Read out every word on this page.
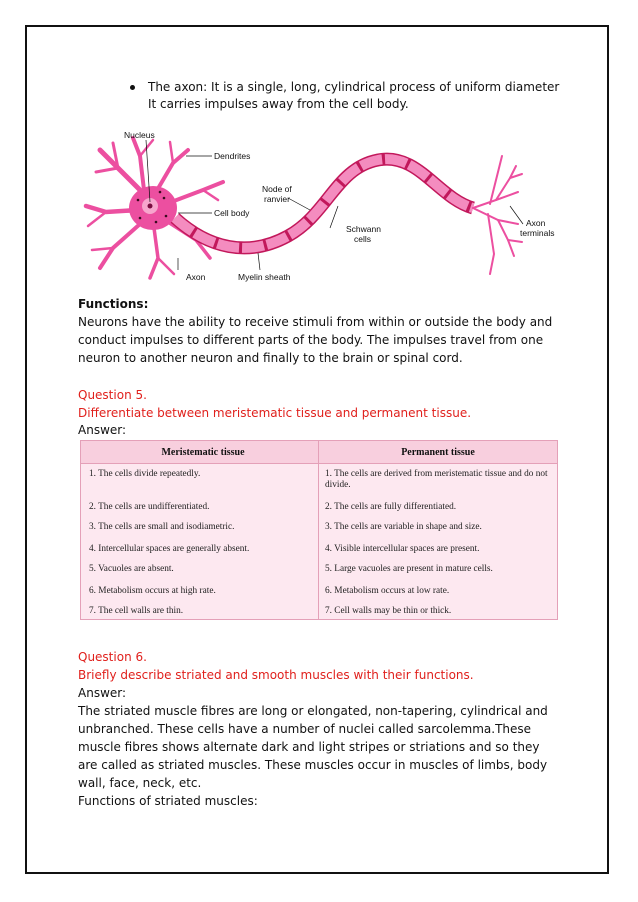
The axon: It is a single, long, cylindrical process of uniform diameter
It carries impulses away from the cell body.
Nucleus
Dendrites
Node of
ranvier
Cell body
Schwann
cells
Axon
terminals
Axon	Myelin sheath
Functions:
Neurons have the ability to receive stimuli from within or outside the body and
conduct impulses to different parts of the body. The impulses travel from one
neuron to another neuron and finally to the brain or spinal cord.
Question 5.
Differentiate between meristematic tissue and permanent tissue.
Answer:
Meristematic tissue	Permanent tissue
1. The cells divide repeatedly.	1. The cells are derived from meristematic tissue and do not divide.
2. The cells are undifferentiated.	2. The cells are fully differentiated.
3. The cells are small and isodiametric.	3. The cells are variable in shape and size.
4. Intercellular spaces are generally absent.	4. Visible intercellular spaces are present.
5. Vacuoles are absent.	5. Large vacuoles are present in mature cells.
6. Metabolism occurs at high rate.	6. Metabolism occurs at low rate.
7. The cell walls are thin.	7. Cell walls may be thin or thick.
Question 6.
Briefly describe striated and smooth muscles with their functions.
Answer:
The striated muscle fibres are long or elongated, non-tapering, cylindrical and
unbranched. These cells have a number of nuclei called sarcolemma.These
muscle fibres shows alternate dark and light stripes or striations and so they
are called as striated muscles. These muscles occur in muscles of limbs, body
wall, face, neck, etc.
Functions of striated muscles:
